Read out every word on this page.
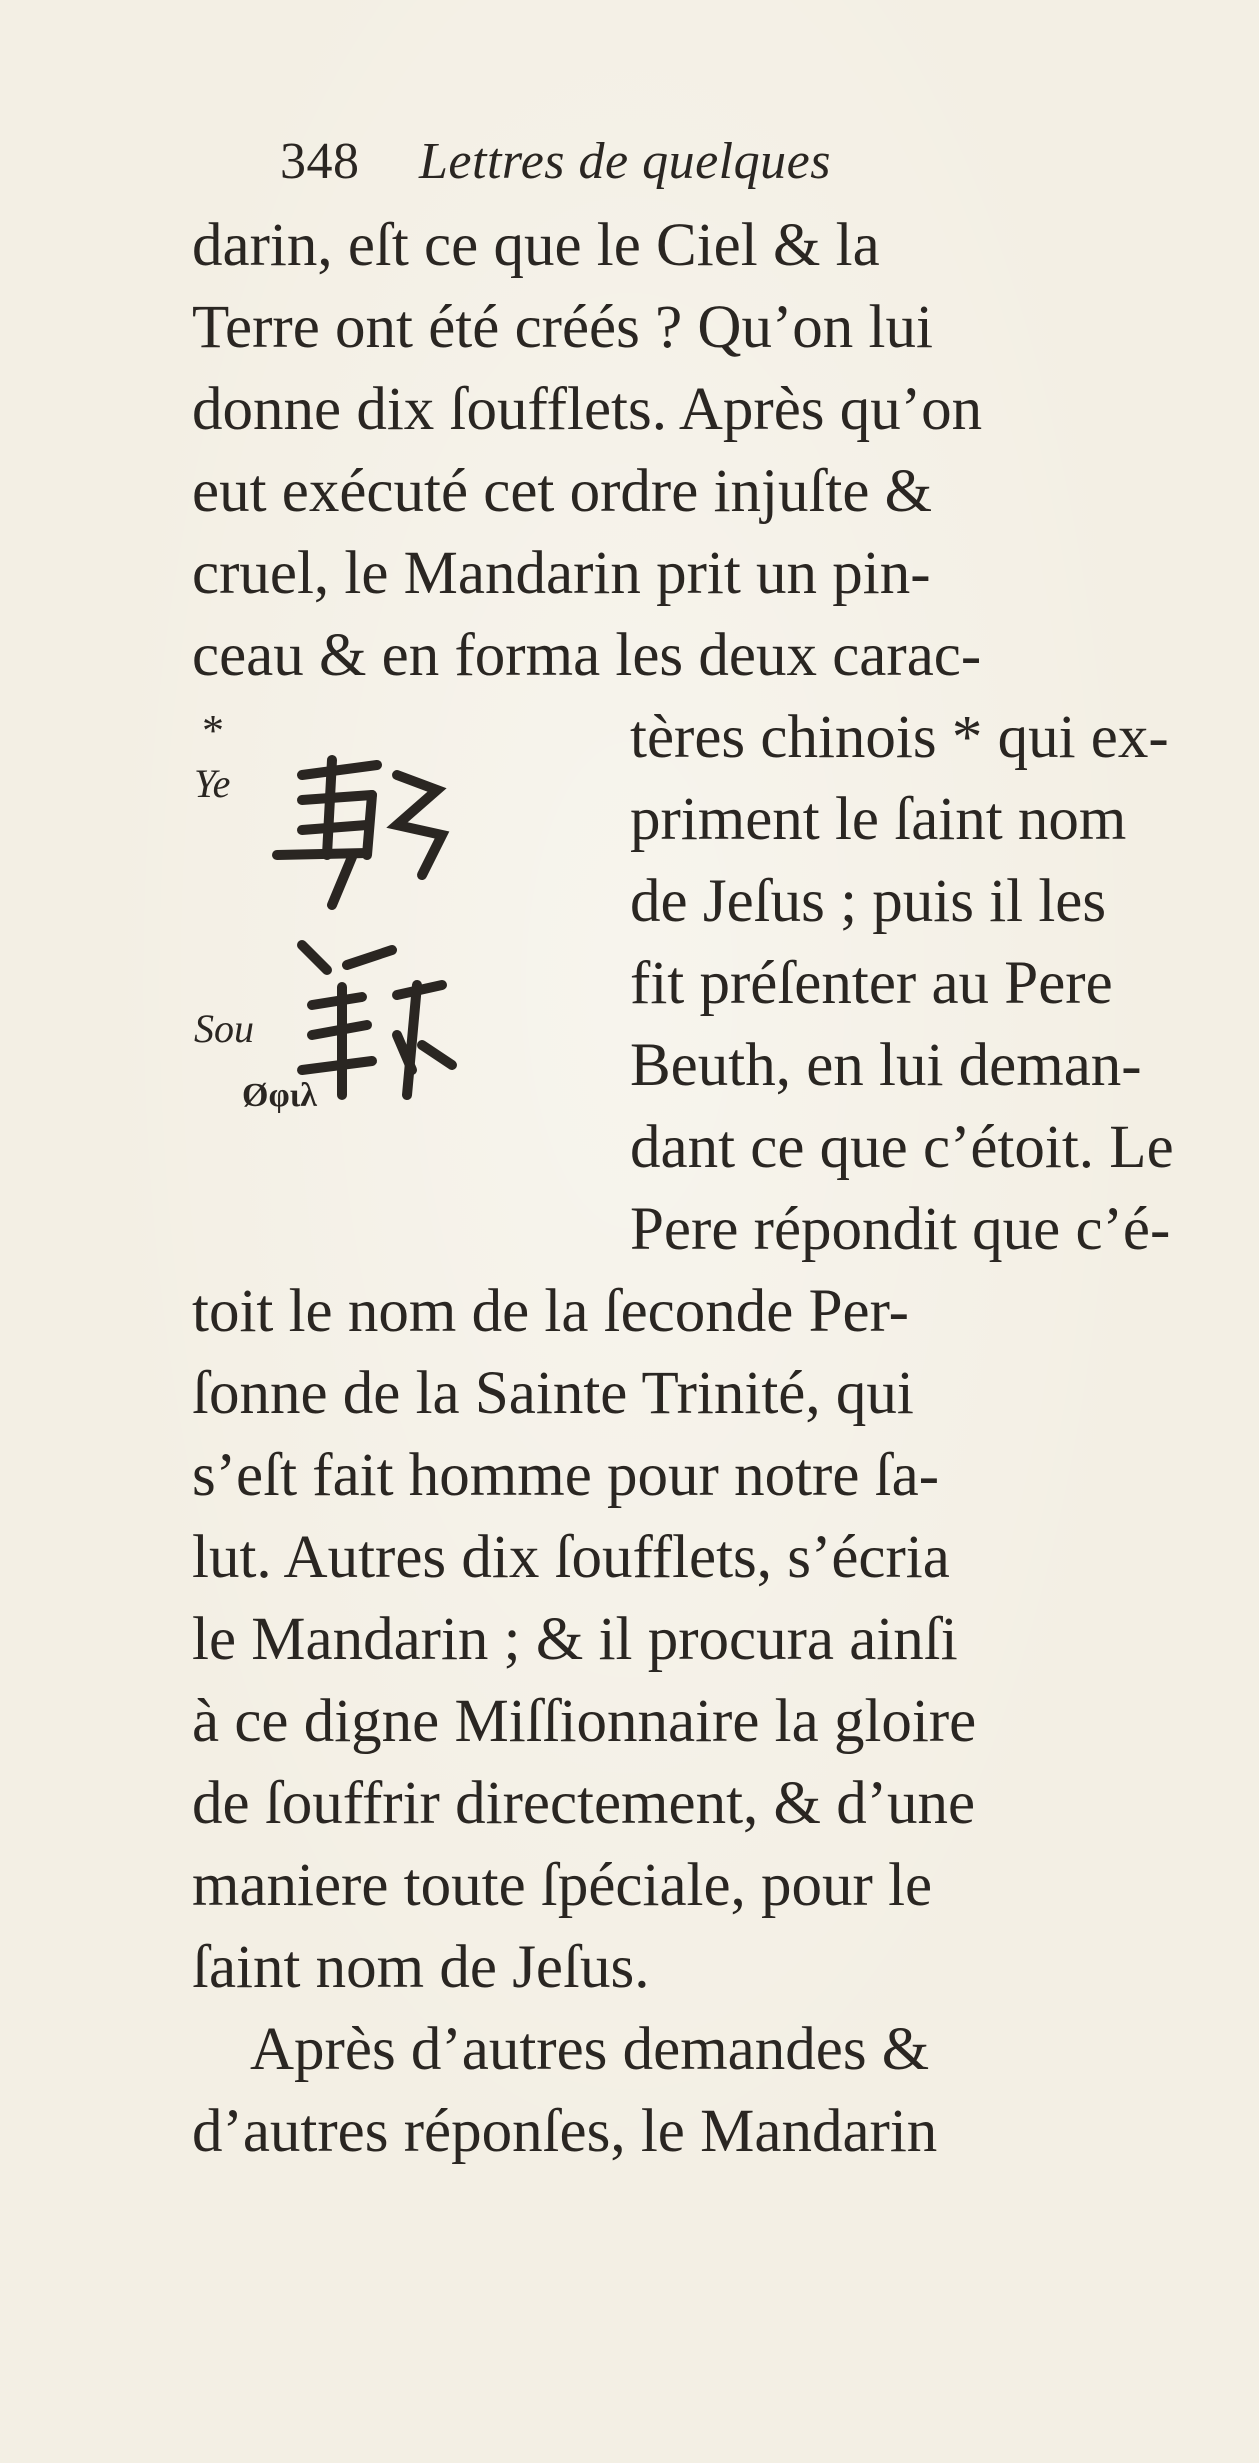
348 Lettres de quelques
darin, eſt ce que le Ciel & la
Terre ont été créés ? Qu’on lui
donne dix ſoufflets. Après qu’on
eut exécuté cet ordre injuſte &
cruel, le Mandarin prit un pin-
ceau & en forma les deux carac-
*
Ye
Sou
Øφιλ
tères chinois * qui ex-
priment le ſaint nom
de Jeſus ; puis il les
fit préſenter au Pere
Beuth, en lui deman-
dant ce que c’étoit. Le
Pere répondit que c’é-
toit le nom de la ſeconde Per-
ſonne de la Sainte Trinité, qui
s’eſt fait homme pour notre ſa-
lut. Autres dix ſoufflets, s’écria
le Mandarin ; & il procura ainſi
à ce digne Miſſionnaire la gloire
de ſouffrir directement, & d’une
maniere toute ſpéciale, pour le
ſaint nom de Jeſus.
Après d’autres demandes &
d’autres réponſes, le Mandarin
